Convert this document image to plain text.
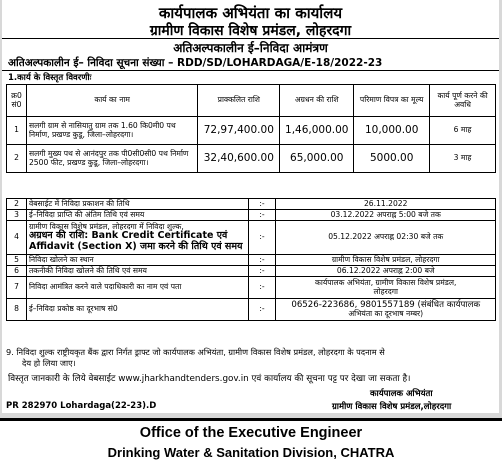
कार्यपालक अभियंता का कार्यालय
ग्रामीण विकास विशेष प्रमंडल, लोहरदगा
अतिअल्पकालीन ई–निविदा आमंत्रण
अतिअल्पकालीन ई– निविदा सूचना संख्या – RDD/SD/LOHARDAGA/E-18/2022-23
1.कार्य के विस्तृत विवरणीः
क्र0 सं0	कार्य का नाम	प्राक्कलित राशि	अग्रधन की राशि	परिमाण विपत्र का मूल्य	कार्य पूर्ण करने की अवधि
1	सलगी ग्राम से नासियातु ग्राम तक 1.60 कि0मी0 पथ निर्माण, प्रखण्ड कुडू, जिला–लोहरदगा।	72,97,400.00	1,46,000.00	10,000.00	6 माह
2	सलगी मुख्य पथ से आनंदपुर तक पी0सी0सी0 पथ निर्माण 2500 फीट, प्रखण्ड कुडू, जिला–लोहरदगा।	32,40,600.00	65,000.00	5000.00	3 माह
2	वेबसाईट में निविदा प्रकाशन की तिथि	:-	26.11.2022
3	ई–निविदा प्राप्ति की अंतिम तिथि एवं समय	:-	03.12.2022 अपराह्न 5:00 बजे तक
4	ग्रामीण विकास विशेष प्रमंडल, लोहरदगा में निविदा शुल्क,
अग्रधन की राशि: Bank Credit Certificate एवं
Affidavit (Section X) जमा करने की तिथि एवं समय	:-	05.12.2022 अपराह्न 02:30 बजे तक
5	निविदा खोलने का स्थान	:-	ग्रामीण विकास विशेष प्रमंडल, लोहरदगा
6	तकनीकी निविदा खोलने की तिथि एवं समय	:-	06.12.2022 अपराह्न 2:00 बजे
7	निविदा आमंत्रित करने वाले पदाधिकारी का नाम एवं पता	:-	कार्यपालक अभियंता, ग्रामीण विकास विशेष प्रमंडल,
लोहरदगा

8	ई–निविदा प्रकोष्ठ का दूरभाष सं0	:-	06526-223686, 9801557189 (संबंधित कार्यपालक
अभियंता का दूरभाष नम्बर)
9. निविदा शुल्क राष्ट्रीयकृत बैंक द्वारा निर्गत ड्राफ्ट जो कार्यपालक अभियंता, ग्रामीण विकास विशेष प्रमंडल, लोहरदगा के पदनाम से
देय हो लिया जाए।
विस्तृत जानकारी के लिये वेबसाईट www.jharkhandtenders.gov.in एवं कार्यालय की सूचना पट्ट पर देखा जा सकता है।
कार्यपालक अभियंता
PR 282970 Lohardaga(22-23).D	ग्रामीण विकास विशेष प्रमंडल,लोहरदगा
Office of the Executive Engineer
Drinking Water & Sanitation Division, CHATRA
